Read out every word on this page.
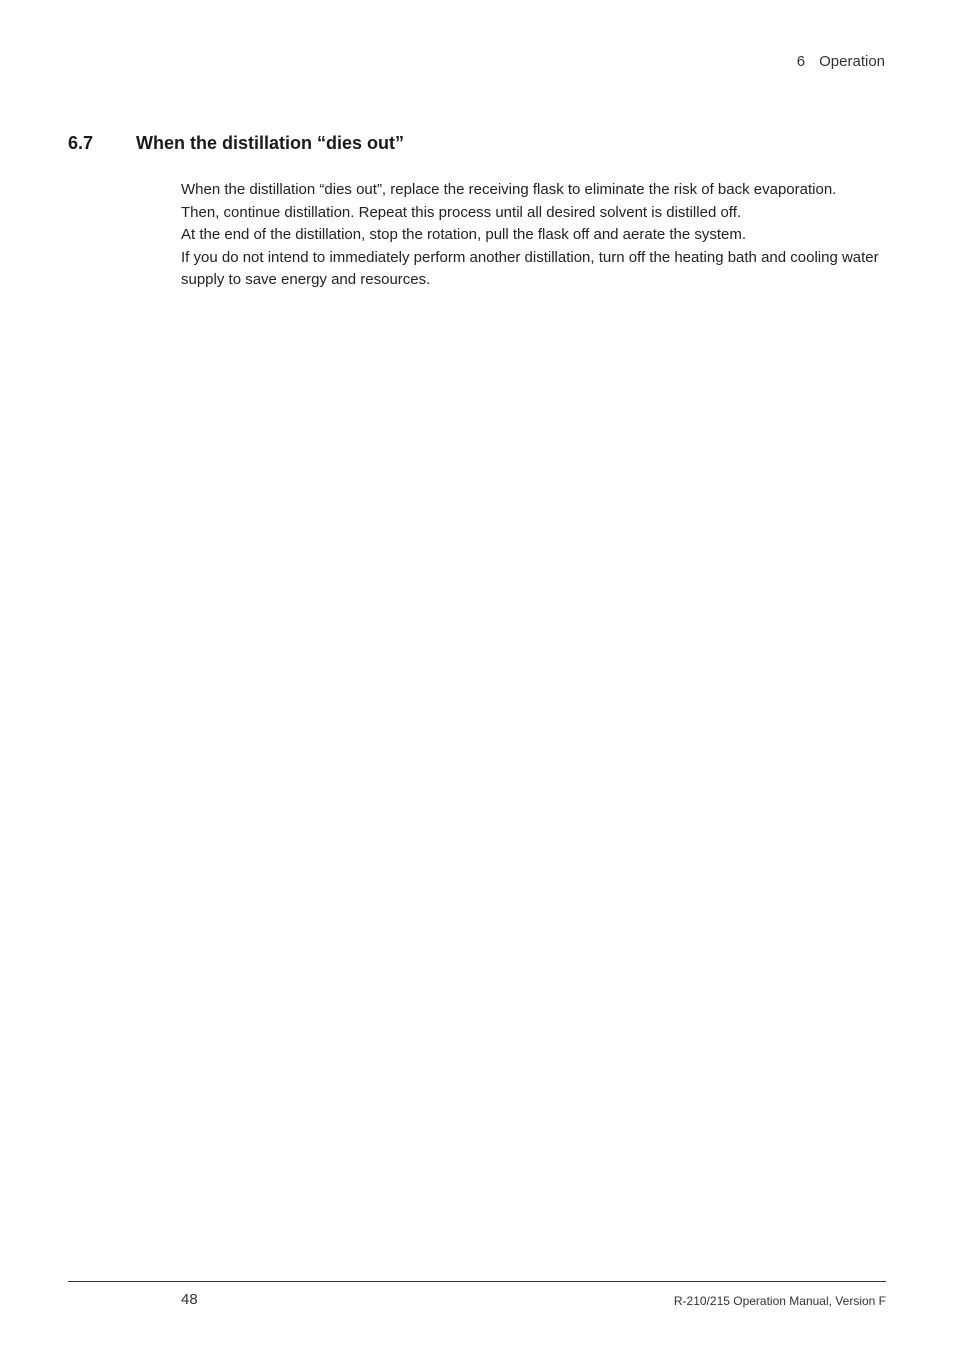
6 Operation
6.7 When the distillation “dies out”

When the distillation “dies out”, replace the receiving flask to eliminate the risk of back evaporation.

Then, continue distillation. Repeat this process until all desired solvent is distilled off.

At the end of the distillation, stop the rotation, pull the flask off and aerate the system.

If you do not intend to immediately perform another distillation, turn off the heating bath and cooling water supply to save energy and resources.

48	R-210/215 Operation Manual, Version F
